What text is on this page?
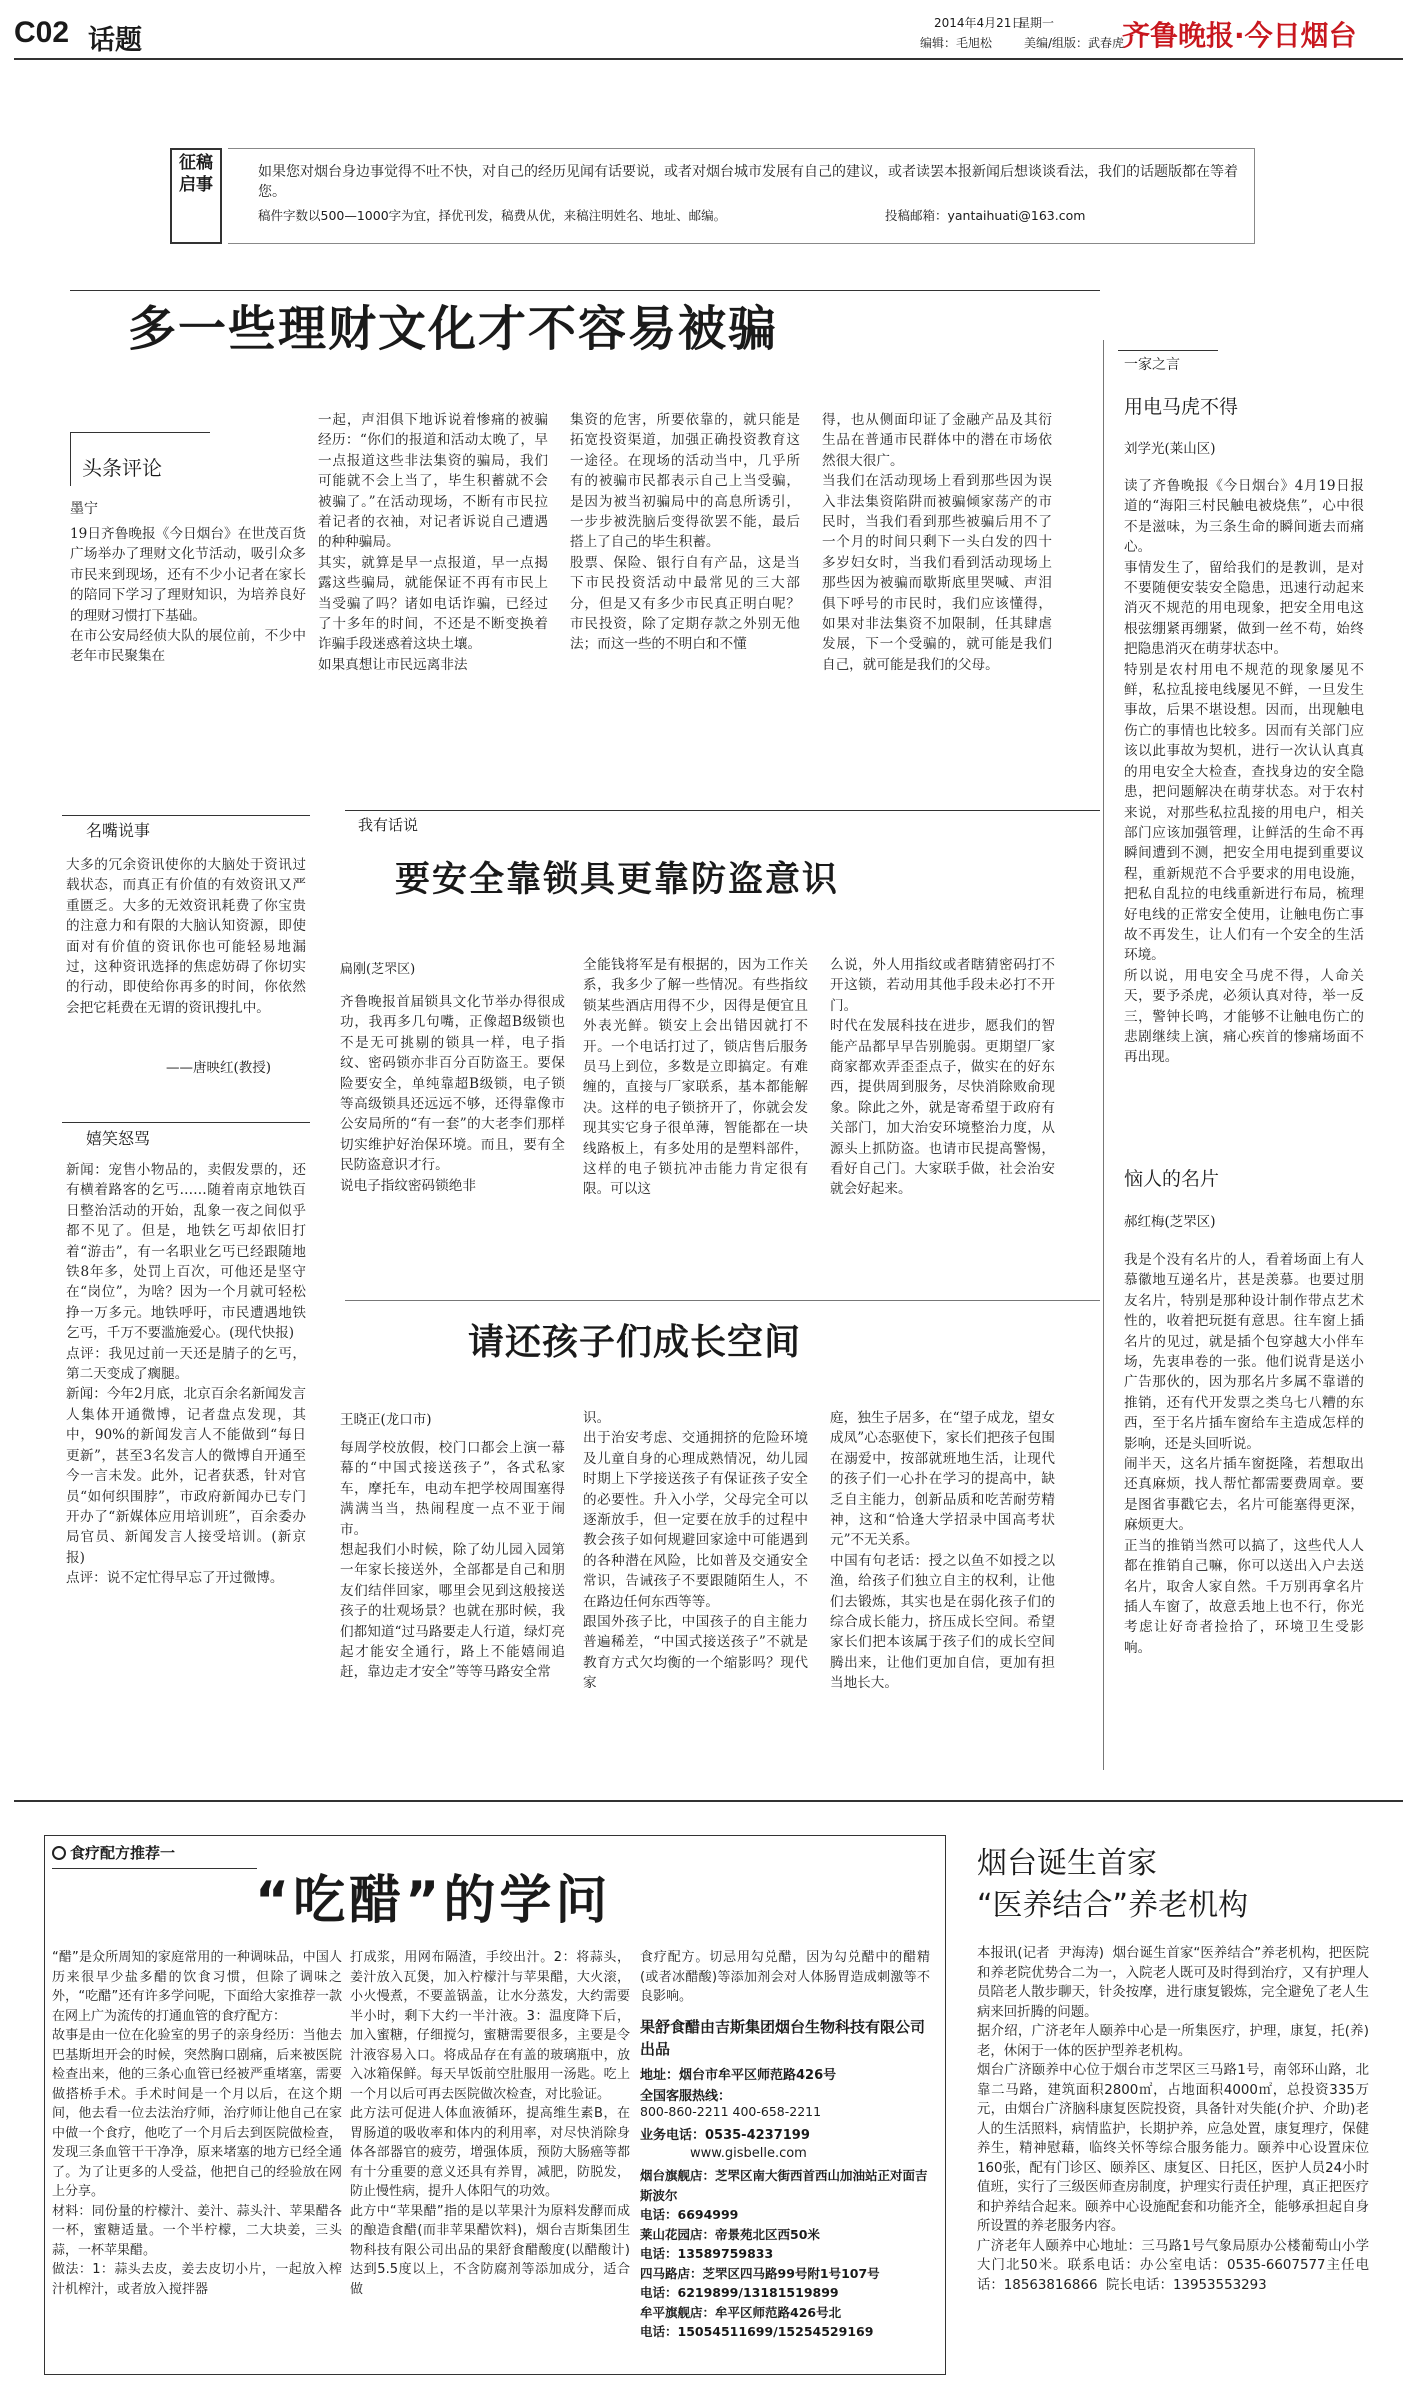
C02 话题
2014年4月21日
星期一
编辑：毛旭松	美编/组版：武春虎
齐鲁晚报·今日烟台
征稿启事
如果您对烟台身边事觉得不吐不快，对自己的经历见闻有话要说，或者对烟台城市发展有自己的建议，或者读罢本报新闻后想谈谈看法，我们的话题版都在等着您。
稿件字数以500—1000字为宜，择优刊发，稿费从优，来稿注明姓名、地址、邮编。	投稿邮箱：yantaihuati@163.com
多一些理财文化才不容易被骗
头条评论
墨宁
19日齐鲁晚报《今日烟台》在世茂百货广场举办了理财文化节活动，吸引众多市民来到现场，还有不少小记者在家长的陪同下学习了理财知识，为培养良好的理财习惯打下基础。
在市公安局经侦大队的展位前，不少中老年市民聚集在
一起，声泪俱下地诉说着惨痛的被骗经历：“你们的报道和活动太晚了，早一点报道这些非法集资的骗局，我们可能就不会上当了，毕生积蓄就不会被骗了。”在活动现场，不断有市民拉着记者的衣袖，对记者诉说自己遭遇的种种骗局。
其实，就算是早一点报道，早一点揭露这些骗局，就能保证不再有市民上当受骗了吗？诸如电话诈骗，已经过了十多年的时间，不还是不断变换着诈骗手段迷惑着这块土壤。
如果真想让市民远离非法
集资的危害，所要依靠的，就只能是拓宽投资渠道，加强正确投资教育这一途径。在现场的活动当中，几乎所有的被骗市民都表示自己上当受骗，是因为被当初骗局中的高息所诱引，一步步被洗脑后变得欲罢不能，最后搭上了自己的毕生积蓄。
股票、保险、银行自有产品，这是当下市民投资活动中最常见的三大部分，但是又有多少市民真正明白呢？市民投资，除了定期存款之外别无他法；而这一些的不明白和不懂
得，也从侧面印证了金融产品及其衍生品在普通市民群体中的潜在市场依然很大很广。
当我们在活动现场上看到那些因为误入非法集资陷阱而被骗倾家荡产的市民时，当我们看到那些被骗后用不了一个月的时间只剩下一头白发的四十多岁妇女时，当我们看到活动现场上那些因为被骗而歇斯底里哭喊、声泪俱下呼号的市民时，我们应该懂得，如果对非法集资不加限制，任其肆虐发展，下一个受骗的，就可能是我们自己，就可能是我们的父母。
一家之言
用电马虎不得
刘学光(莱山区)
读了齐鲁晚报《今日烟台》4月19日报道的“海阳三村民触电被烧焦”，心中很不是滋味，为三条生命的瞬间逝去而痛心。
事情发生了，留给我们的是教训，是对不要随便安装安全隐患，迅速行动起来消灭不规范的用电现象，把安全用电这根弦绷紧再绷紧，做到一丝不苟，始终把隐患消灭在萌芽状态中。
特别是农村用电不规范的现象屡见不鲜，私拉乱接电线屡见不鲜，一旦发生事故，后果不堪设想。因而，出现触电伤亡的事情也比较多。因而有关部门应该以此事故为契机，进行一次认认真真的用电安全大检查，查找身边的安全隐患，把问题解决在萌芽状态。对于农村来说，对那些私拉乱接的用电户，相关部门应该加强管理，让鲜活的生命不再瞬间遭到不测，把安全用电提到重要议程，重新规范不合乎要求的用电设施，把私自乱拉的电线重新进行布局，梳理好电线的正常安全使用，让触电伤亡事故不再发生，让人们有一个安全的生活环境。
所以说，用电安全马虎不得，人命关天，要予杀虎，必须认真对待，举一反三，警钟长鸣，才能够不让触电伤亡的悲剧继续上演，痛心疾首的惨痛场面不再出现。
名嘴说事
大多的冗余资讯使你的大脑处于资讯过载状态，而真正有价值的有效资讯又严重匮乏。大多的无效资讯耗费了你宝贵的注意力和有限的大脑认知资源，即使面对有价值的资讯你也可能轻易地漏过，这种资讯选择的焦虑妨碍了你切实的行动，即使给你再多的时间，你依然会把它耗费在无谓的资讯搜扎中。
——唐映红(教授)
嬉笑怒骂
新闻：宠售小物品的，卖假发票的，还有横着路客的乞丐……随着南京地铁百日整治活动的开始，乱象一夜之间似乎都不见了。但是，地铁乞丐却依旧打着“游击”，有一名职业乞丐已经跟随地铁8年多，处罚上百次，可他还是坚守在“岗位”，为啥？因为一个月就可轻松挣一万多元。地铁呼吁，市民遭遇地铁乞丐，千万不要滥施爱心。(现代快报)
点评：我见过前一天还是腈子的乞丐，第二天变成了瘸腿。
新闻：今年2月底，北京百余名新闻发言人集体开通微博，记者盘点发现，其中，90%的新闻发言人不能做到“每日更新”，甚至3名发言人的微博自开通至今一言未发。此外，记者获悉，针对官员“如何织围脖”，市政府新闻办已专门开办了“新媒体应用培训班”，百余委办局官员、新闻发言人接受培训。(新京报)
点评：说不定忙得早忘了开过微博。
我有话说
要安全靠锁具更靠防盗意识
扁刚(芝罘区)
齐鲁晚报首届锁具文化节举办得很成功，我再多几句嘴，正像超B级锁也不是无可挑剔的锁具一样，电子指纹、密码锁亦非百分百防盗王。要保险要安全，单纯靠超B级锁，电子锁等高级锁具还远远不够，还得靠像市公安局所的“有一套”的大老李们那样切实维护好治保环境。而且，要有全民防盗意识才行。
说电子指纹密码锁绝非
全能钱将军是有根据的，因为工作关系，我多少了解一些情况。有些指纹锁某些酒店用得不少，因得是便宜且外表光鲜。锁安上会出错因就打不开。一个电话打过了，锁店售后服务员马上到位，多数是立即搞定。有难缠的，直接与厂家联系，基本都能解决。这样的电子锁挤开了，你就会发现其实它身子很单薄，智能都在一块线路板上，有多处用的是塑料部件，这样的电子锁抗冲击能力肯定很有限。可以这
么说，外人用指纹或者瞎猜密码打不开这锁，若动用其他手段未必打不开门。
时代在发展科技在进步，愿我们的智能产品都早早告别脆弱。更期望厂家商家都欢弄歪歪点子，做实在的好东西，提供周到服务，尽快消除败俞现象。除此之外，就是寄希望于政府有关部门，加大治安环境整治力度，从源头上抓防盗。也请市民提高警惕，看好自己门。大家联手做，社会治安就会好起来。
请还孩子们成长空间
王晓正(龙口市)
每周学校放假，校门口都会上演一幕幕的“中国式接送孩子”，各式私家车，摩托车，电动车把学校周围塞得满满当当，热闹程度一点不亚于闹市。
想起我们小时候，除了幼儿园入园第一年家长接送外，全部都是自己和朋友们结伴回家，哪里会见到这般接送孩子的壮观场景？也就在那时候，我们都知道“过马路要走人行道，绿灯亮起才能安全通行，路上不能嬉闹追赶，靠边走才安全”等等马路安全常
识。
出于治安考虑、交通拥挤的危险环境及儿童自身的心理成熟情况，幼儿园时期上下学接送孩子有保证孩子安全的必要性。升入小学，父母完全可以逐渐放手，但一定要在放手的过程中教会孩子如何规避回家途中可能遇到的各种潜在风险，比如普及交通安全常识，告诫孩子不要跟随陌生人，不在路边任何东西等等。
跟国外孩子比，中国孩子的自主能力普遍稀差，“中国式接送孩子”不就是教育方式欠均衡的一个缩影吗？现代家
庭，独生子居多，在“望子成龙，望女成凤”心态驱使下，家长们把孩子包围在溺爱中，按部就班地生活，让现代的孩子们一心扑在学习的提高中，缺乏自主能力，创新品质和吃苦耐劳精神，这和“恰逢大学招录中国高考状元”不无关系。
中国有句老话：授之以鱼不如授之以渔，给孩子们独立自主的权利，让他们去锻炼，其实也是在弱化孩子们的综合成长能力，挤压成长空间。希望家长们把本该属于孩子们的成长空间腾出来，让他们更加自信，更加有担当地长大。
恼人的名片
郝红梅(芝罘区)
我是个没有名片的人，看着场面上有人慕徽地互递名片，甚是羡慕。也要过朋友名片，特别是那种设计制作带点艺术性的，收着把玩挺有意思。往车窗上插名片的见过，就是插个包穿越大小伴车场，先衷串卷的一张。他们说背是送小广告那伙的，因为那名片多属不靠谱的推销，还有代开发票之类乌七八糟的东西，至于名片插车窗给车主造成怎样的影响，还是头回听说。
闹半天，这名片插车窗挺隆，若想取出还真麻烦，找人帮忙都需要费周章。要是图省事戳它去，名片可能塞得更深，麻烦更大。
正当的推销当然可以搞了，这些代人人都在推销自己嘛，你可以送出入户去送名片，取舍人家自然。千万别再拿名片插人车窗了，故意丢地上也不行，你光考虑让好奇者捡拾了，环境卫生受影响。
食疗配方推荐一
“吃醋”的学问
“醋”是众所周知的家庭常用的一种调味品，中国人历来很早少盐多醋的饮食习惯，但除了调味之外，“吃醋”还有许多学问呢，下面给大家推荐一款在网上广为流传的打通血管的食疗配方：
故事是由一位在化验室的男子的亲身经历：当他去巴基斯坦开会的时候，突然胸口剧痛，后来被医院检查出来，他的三条心血管已经被严重堵塞，需要做搭桥手术。手术时间是一个月以后，在这个期间，他去看一位去法治疗师，治疗师让他自己在家中做一个食疗，他吃了一个月后去到医院做检查，发现三条血管干干净净，原来堵塞的地方已经全通了。为了让更多的人受益，他把自己的经验放在网上分享。
材料：同份量的柠檬汁、姜汁、蒜头汁、苹果醋各一杯，蜜糖适量。一个半柠檬，二大块姜，三头蒜，一杯苹果醋。
做法：1：蒜头去皮，姜去皮切小片，一起放入榨汁机榨汁，或者放入搅拌器
打成浆，用网布隔渣，手绞出汁。2：将蒜头，姜汁放入瓦煲，加入柠檬汁与苹果醋，大火滚，小火慢煮，不要盖锅盖，让水分蒸发，大约需要半小时，剩下大约一半汁液。3：温度降下后，加入蜜糖，仔细搅匀，蜜糖需要很多，主要是令汁液容易入口。将成品存在有盖的玻璃瓶中，放入冰箱保鲜。每天早饭前空肚服用一汤匙。吃上一个月以后可再去医院做次检查，对比验证。
此方法可促进人体血液循环，提高维生素B，在胃肠道的吸收率和体内的利用率，对尽快消除身体各部器官的疲劳，增强体质，预防大肠癌等都有十分重要的意义还具有养胃，减肥，防脱发，防止慢性病，提升人体阳气的功效。
此方中“苹果醋”指的是以苹果汁为原料发酵而成的酿造食醋(而非苹果醋饮料)，烟台吉斯集团生物科技有限公司出品的果舒食醋酸度(以醋酸计)达到5.5度以上，不含防腐剂等添加成分，适合做
食疗配方。切忌用勾兑醋，因为勾兑醋中的醋精(或者冰醋酸)等添加剂会对人体肠胃造成刺激等不良影响。
果舒食醋由吉斯集团烟台生物科技有限公司出品
地址：烟台市牟平区师范路426号
全国客服热线：
800-860-2211 400-658-2211
业务电话：0535-4237199
www.gisbelle.com
烟台旗舰店：芝罘区南大街西首西山加油站正对面吉斯波尔
电话：6694999
莱山花园店：帝景苑北区西50米
电话：13589759833
四马路店：芝罘区四马路99号附1号107号
电话：6219899/13181519899
牟平旗舰店：牟平区师范路426号北
电话：15054511699/15254529169
烟台诞生首家
“医养结合”养老机构
本报讯(记者  尹海涛)  烟台诞生首家“医养结合”养老机构，把医院和养老院优势合二为一，入院老人既可及时得到治疗，又有护理人员陪老人散步聊天，针灸按摩，进行康复锻炼，完全避免了老人生病来回折腾的问题。
据介绍，广济老年人颐养中心是一所集医疗，护理，康复，托(养)老，休闲于一体的医护型养老机构。
烟台广济颐养中心位于烟台市芝罘区三马路1号，南邻环山路，北靠二马路，建筑面积2800㎡，占地面积4000㎡，总投资335万元，由烟台广济脑科康复医院投资，具备针对失能(介护、介助)老人的生活照料，病情监护，长期护养，应急处置，康复理疗，保健养生，精神慰藉，临终关怀等综合服务能力。颐养中心设置床位160张，配有门诊区、颐养区、康复区、日托区，医护人员24小时值班，实行了三级医师查房制度，护理实行责任护理，真正把医疗和护养结合起来。颐养中心设施配套和功能齐全，能够承担起自身所设置的养老服务内容。
广济老年人颐养中心地址：三马路1号气象局原办公楼葡萄山小学大门北50米。联系电话：办公室电话：0535-6607577主任电话：18563816866  院长电话：13953553293
